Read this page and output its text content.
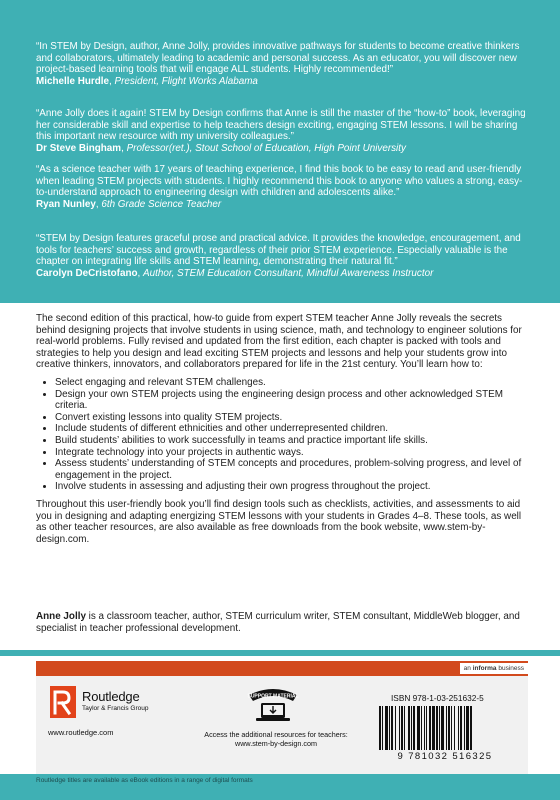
“In STEM by Design, author, Anne Jolly, provides innovative pathways for students to become creative thinkers and collaborators, ultimately leading to academic and personal success. As an educator, you will discover new project-based learning tools that will engage ALL students. Highly recommended!”

Michelle Hurdle, President, Flight Works Alabama

“Anne Jolly does it again! STEM by Design confirms that Anne is still the master of the “how-to” book, leveraging her considerable skill and expertise to help teachers design exciting, engaging STEM lessons. I will be sharing this important new resource with my university colleagues.”

Dr Steve Bingham, Professor(ret.), Stout School of Education, High Point University

“As a science teacher with 17 years of teaching experience, I find this book to be easy to read and user-friendly when leading STEM projects with students. I highly recommend this book to anyone who values a strong, easy-to-understand approach to engineering design with children and adolescents alike.”

Ryan Nunley, 6th Grade Science Teacher

“STEM by Design features graceful prose and practical advice. It provides the knowledge, encouragement, and tools for teachers’ success and growth, regardless of their prior STEM experience. Especially valuable is the chapter on integrating life skills and STEM learning, demonstrating their natural fit.”

Carolyn DeCristofano, Author, STEM Education Consultant, Mindful Awareness Instructor

The second edition of this practical, how-to guide from expert STEM teacher Anne Jolly reveals the secrets behind designing projects that involve students in using science, math, and technology to engineer solutions for real-world problems. Fully revised and updated from the first edition, each chapter is packed with tools and strategies to help you design and lead exciting STEM projects and lessons and help your students grow into creative thinkers, innovators, and collaborators prepared for life in the 21st century. You’ll learn how to:

• Select engaging and relevant STEM challenges.
• Design your own STEM projects using the engineering design process and other acknowledged STEM criteria.
• Convert existing lessons into quality STEM projects.
• Include students of different ethnicities and other underrepresented children.
• Build students’ abilities to work successfully in teams and practice important life skills.
• Integrate technology into your projects in authentic ways.
• Assess students’ understanding of STEM concepts and procedures, problem-solving progress, and level of engagement in the project.
• Involve students in assessing and adjusting their own progress throughout the project.

Throughout this user-friendly book you’ll find design tools such as checklists, activities, and assessments to aid you in designing and adapting energizing STEM lessons with your students in Grades 4–8. These tools, as well as other teacher resources, are also available as free downloads from the book website, www.stem-by-design.com.

Anne Jolly is a classroom teacher, author, STEM curriculum writer, STEM consultant, MiddleWeb blogger, and specialist in teacher professional development.
an informa business
Routledge
Taylor & Francis Group
www.routledge.com
SUPPORT MATERIAL
Access the additional resources for teachers:
www.stem-by-design.com
ISBN 978-1-03-251632-5
9 781032 516325
Routledge titles are available as eBook editions in a range of digital formats
